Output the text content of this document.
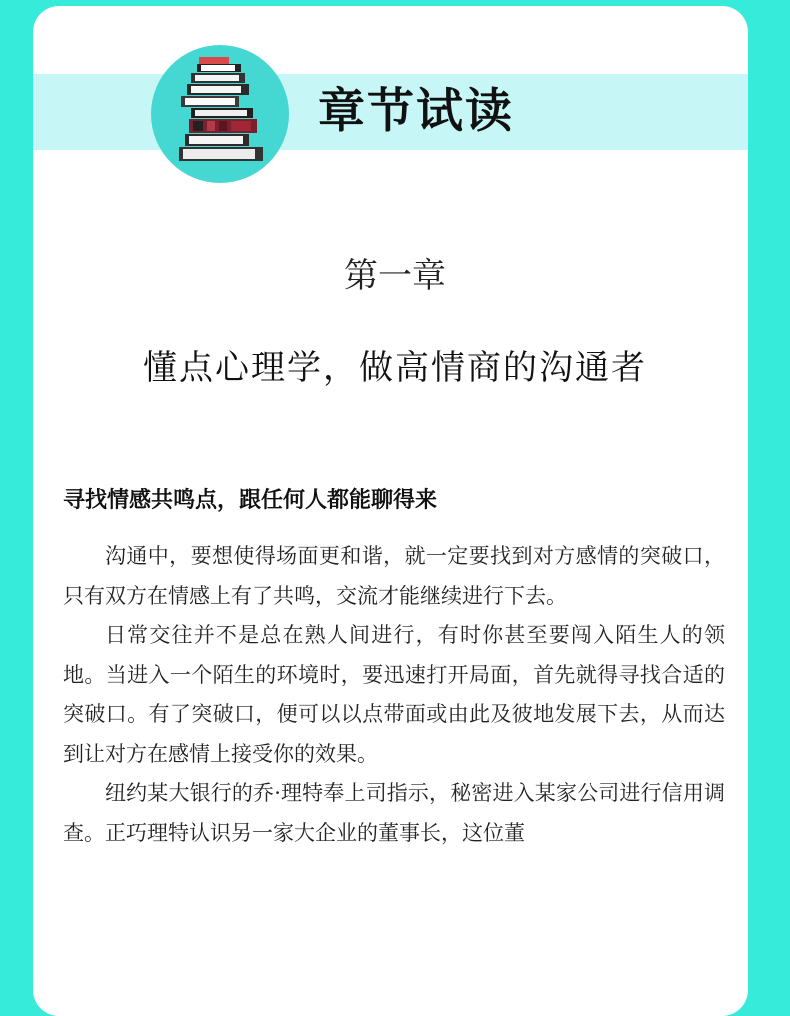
章节试读
第一章
懂点心理学，做高情商的沟通者
寻找情感共鸣点，跟任何人都能聊得来

沟通中，要想使得场面更和谐，就一定要找到对方感情的突破口，只有双方在情感上有了共鸣，交流才能继续进行下去。

日常交往并不是总在熟人间进行，有时你甚至要闯入陌生人的领地。当进入一个陌生的环境时，要迅速打开局面，首先就得寻找合适的突破口。有了突破口，便可以以点带面或由此及彼地发展下去，从而达到让对方在感情上接受你的效果。

纽约某大银行的乔·理特奉上司指示，秘密进入某家公司进行信用调查。正巧理特认识另一家大企业的董事长，这位董
